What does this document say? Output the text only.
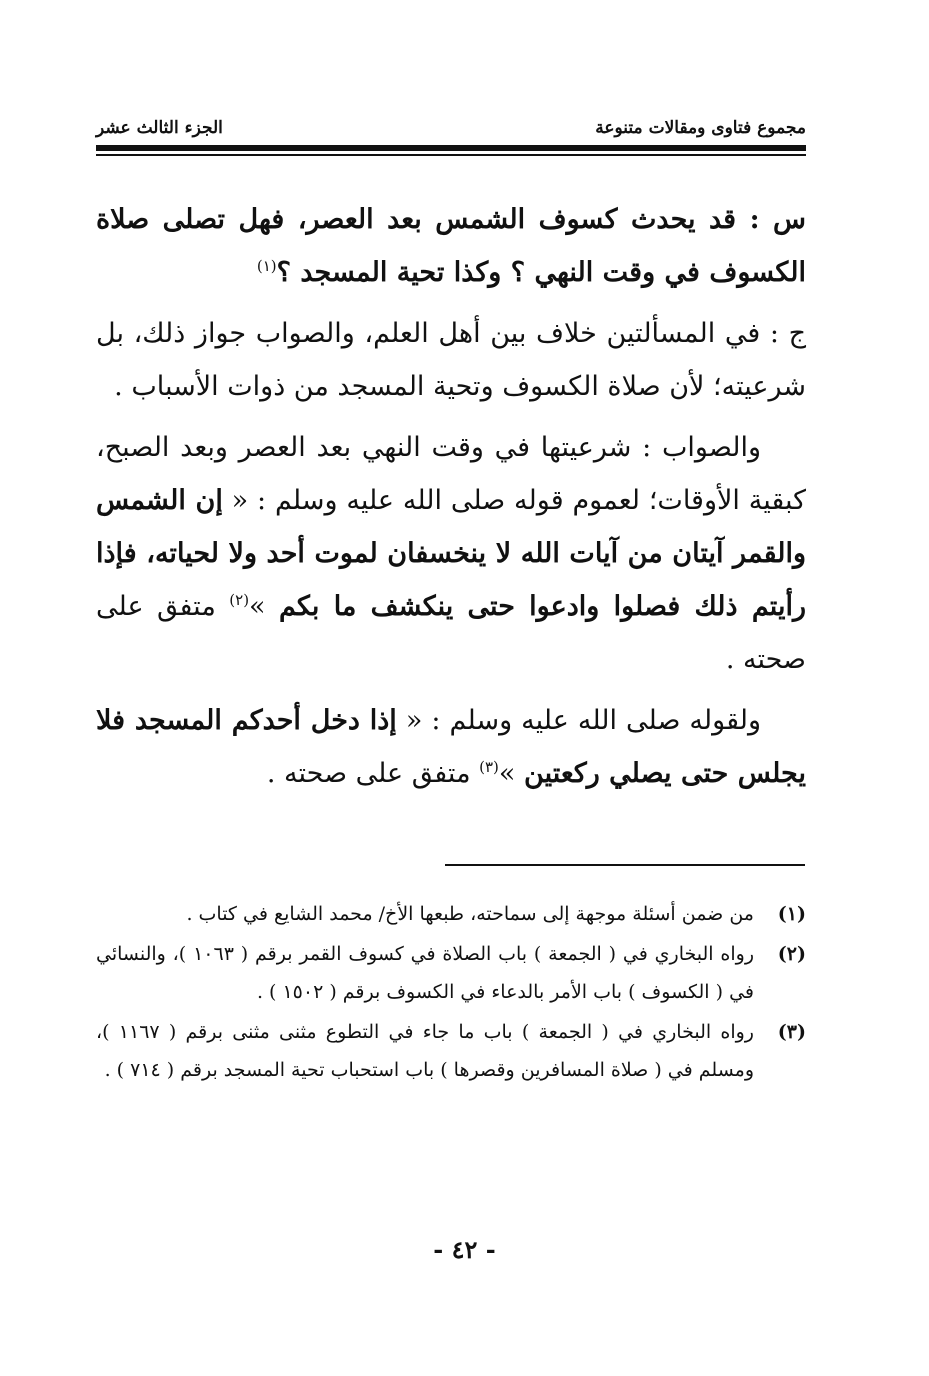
مجموع فتاوى ومقالات متنوعة
الجزء الثالث عشر

س : قد يحدث كسوف الشمس بعد العصر، فهل تصلى صلاة الكسوف في وقت النهي ؟ وكذا تحية المسجد ؟$^{(١)}$

ج : في المسألتين خلاف بين أهل العلم، والصواب جواز ذلك، بل شرعيته؛ لأن صلاة الكسوف وتحية المسجد من ذوات الأسباب .

والصواب : شرعيتها في وقت النهي بعد العصر وبعد الصبح، كبقية الأوقات؛ لعموم قوله صلى الله عليه وسلم : « إن الشمس والقمر آيتان من آيات الله لا ينخسفان لموت أحد ولا لحياته، فإذا رأيتم ذلك فصلوا وادعوا حتى ينكشف ما بكم »$^{(٢)}$ متفق على صحته .

ولقوله صلى الله عليه وسلم : « إذا دخل أحدكم المسجد فلا يجلس حتى يصلي ركعتين »$^{(٣)}$ متفق على صحته .

(١)
من ضمن أسئلة موجهة إلى سماحته، طبعها الأخ/ محمد الشايع في كتاب .
(٢)
رواه البخاري في ( الجمعة ) باب الصلاة في كسوف القمر برقم ( ١٠٦٣ )، والنسائي في ( الكسوف ) باب الأمر بالدعاء في الكسوف برقم ( ١٥٠٢ ) .
(٣)
رواه البخاري في ( الجمعة ) باب ما جاء في التطوع مثنى مثنى برقم ( ١١٦٧ )، ومسلم في ( صلاة المسافرين وقصرها ) باب استحباب تحية المسجد برقم ( ٧١٤ ) .
- ٤٢ -
